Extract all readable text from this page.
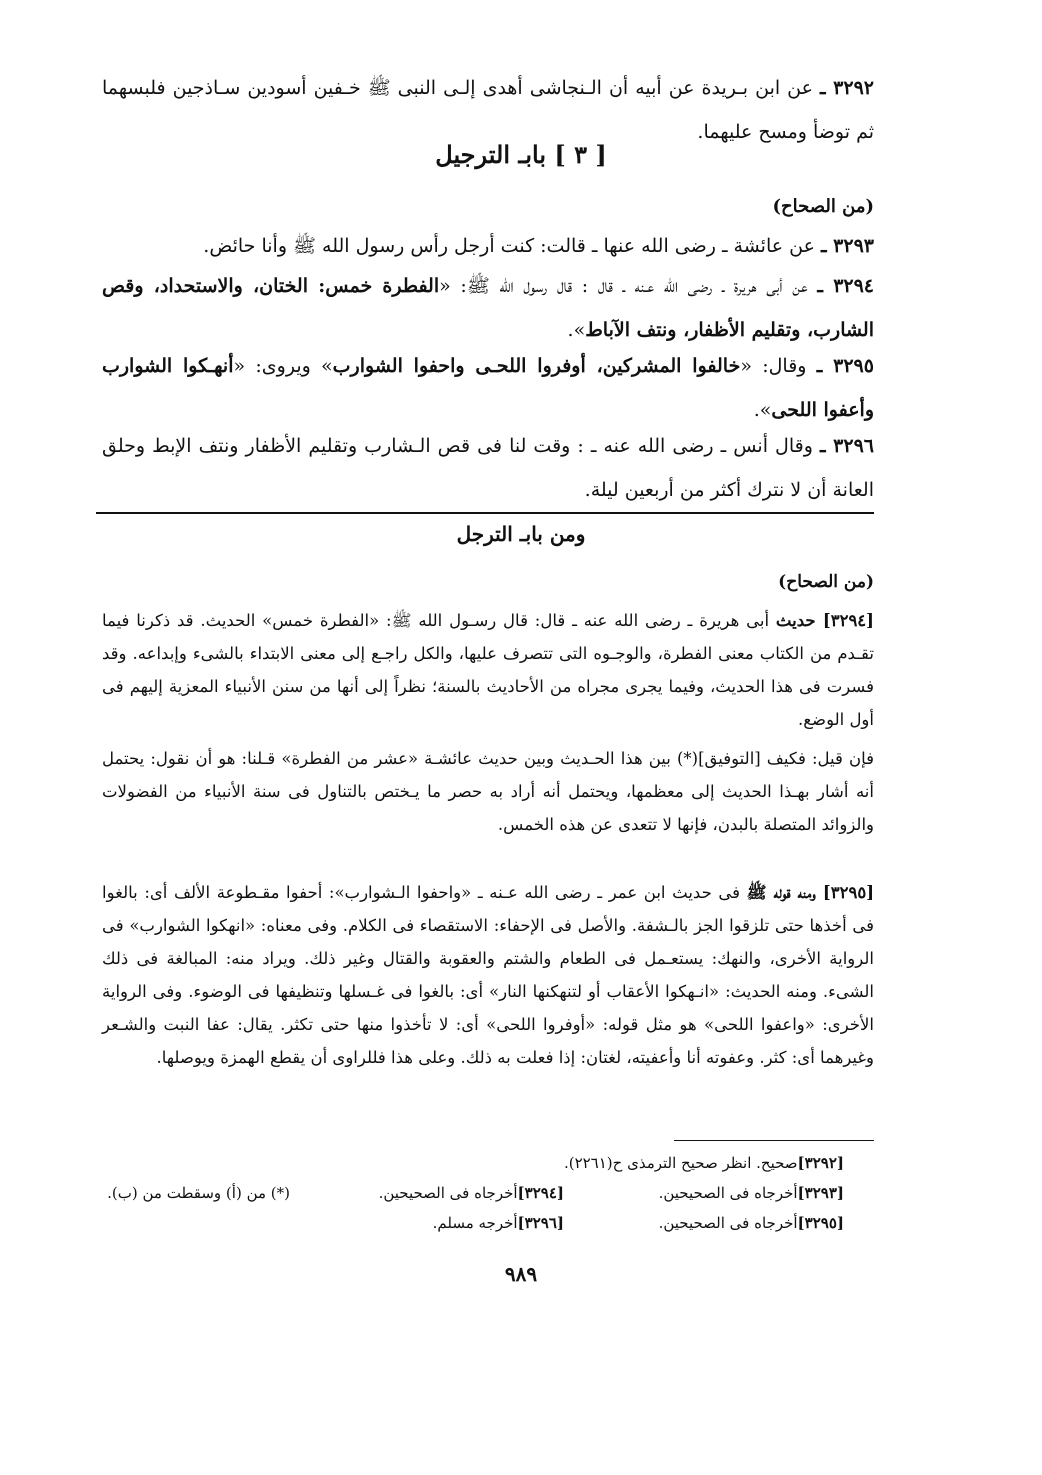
٣٢٩٢ ـ عن ابن بـريدة عن أبيه أن الـنجاشى أهدى إلـى النبى ﷺ خـفين أسودين سـاذجين فلبسهما ثم توضأ ومسح عليهما.
[ ٣ ] بابـ الترجيل
(من الصحاح)
٣٢٩٣ ـ عن عائشة ـ رضى الله عنها ـ قالت: كنت أرجل رأس رسول الله ﷺ وأنا حائض.
٣٢٩٤ ـ عن أبى هريرة ـ رضى الله عـنه ـ قال : قال رسول الله ﷺ: «الفطرة خمس: الختان، والاستحداد، وقص الشارب، وتقليم الأظفار، ونتف الآباط».
٣٢٩٥ ـ وقال: «خالفوا المشركين، أوفروا اللحـى واحفوا الشوارب» ويروى: «أنهـكوا الشوارب وأعفوا اللحى».
٣٢٩٦ ـ وقال أنس ـ رضى الله عنه ـ : وقت لنا فى قص الـشارب وتقليم الأظفار ونتف الإبط وحلق العانة أن لا نترك أكثر من أربعين ليلة.
ومن بابـ الترجل
(من الصحاح)
[٣٢٩٤] حديث أبى هريرة ـ رضى الله عنه ـ قال: قال رسـول الله ﷺ: «الفطرة خمس» الحديث. قد ذكرنا فيما تقـدم من الكتاب معنى الفطرة، والوجـوه التى تتصرف عليها، والكل راجـع إلى معنى الابتداء بالشىء وإبداعه. وقد فسرت فى هذا الحديث، وفيما يجرى مجراه من الأحاديث بالسنة؛ نظراً إلى أنها من سنن الأنبياء المعزية إليهم فى أول الوضع.
فإن قيل: فكيف [التوفيق](*) بين هذا الحـديث وبين حديث عائشـة «عشر من الفطرة» قـلنا: هو أن نقول: يحتمل أنه أشار بهـذا الحديث إلى معظمها، ويحتمل أنه أراد به حصر ما يـختص بالتناول فى سنة الأنبياء من الفضولات والزوائد المتصلة بالبدن، فإنها لا تتعدى عن هذه الخمس.
[٣٢٩٥] ومنه قوله ﷺ فى حديث ابن عمر ـ رضى الله عـنه ـ «واحفوا الـشوارب»: أحفوا مقـطوعة الألف أى: بالغوا فى أخذها حتى تلزقوا الجز بالـشفة. والأصل فى الإحفاء: الاستقصاء فى الكلام. وفى معناه: «انهكوا الشوارب» فى الرواية الأخرى، والنهك: يستعـمل فى الطعام والشتم والعقوبة والقتال وغير ذلك. ويراد منه: المبالغة فى ذلك الشىء. ومنه الحديث: «انـهكوا الأعقاب أو لتنهكنها النار» أى: بالغوا فى غـسلها وتنظيفها فى الوضوء. وفى الرواية الأخرى: «واعفوا اللحى» هو مثل قوله: «أوفروا اللحى» أى: لا تأخذوا منها حتى تكثر. يقال: عفا النبت والشـعر وغيرهما أى: كثر. وعفوته أنا وأعفيته، لغتان: إذا فعلت به ذلك. وعلى هذا فللراوى أن يقطع الهمزة ويوصلها.
[٣٢٩٢]صحيح. انظر صحيح الترمذى ح(٢٢٦١).
[٣٢٩٣]أخرجاه فى الصحيحين.
[٣٢٩٤]أخرجاه فى الصحيحين.
(*) من (أ) وسقطت من (ب).
[٣٢٩٥]أخرجاه فى الصحيحين.
[٣٢٩٦]أخرجه مسلم.
٩٨٩
